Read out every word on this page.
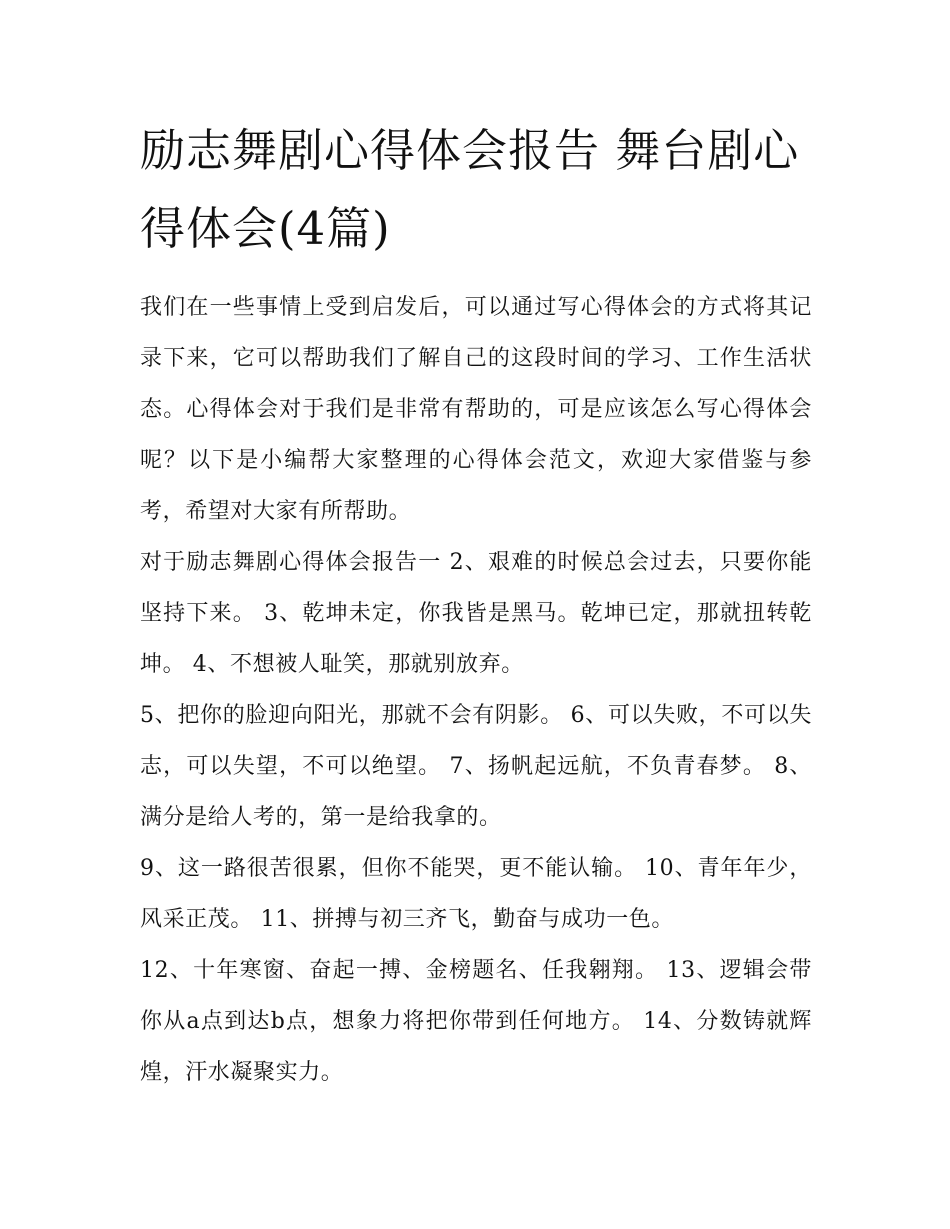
励志舞剧心得体会报告 舞台剧心得体会(4篇)

我们在一些事情上受到启发后，可以通过写心得体会的方式将其记录下来，它可以帮助我们了解自己的这段时间的学习、工作生活状态。心得体会对于我们是非常有帮助的，可是应该怎么写心得体会呢？以下是小编帮大家整理的心得体会范文，欢迎大家借鉴与参考，希望对大家有所帮助。

对于励志舞剧心得体会报告一 2、艰难的时候总会过去，只要你能坚持下来。 3、乾坤未定，你我皆是黑马。乾坤已定，那就扭转乾坤。 4、不想被人耻笑，那就别放弃。

5、把你的脸迎向阳光，那就不会有阴影。 6、可以失败，不可以失志，可以失望，不可以绝望。 7、扬帆起远航，不负青春梦。 8、满分是给人考的，第一是给我拿的。

9、这一路很苦很累，但你不能哭，更不能认输。 10、青年年少，风采正茂。 11、拼搏与初三齐飞，勤奋与成功一色。

12、十年寒窗、奋起一搏、金榜题名、任我翱翔。 13、逻辑会带你从a点到达b点，想象力将把你带到任何地方。 14、分数铸就辉煌，汗水凝聚实力。
